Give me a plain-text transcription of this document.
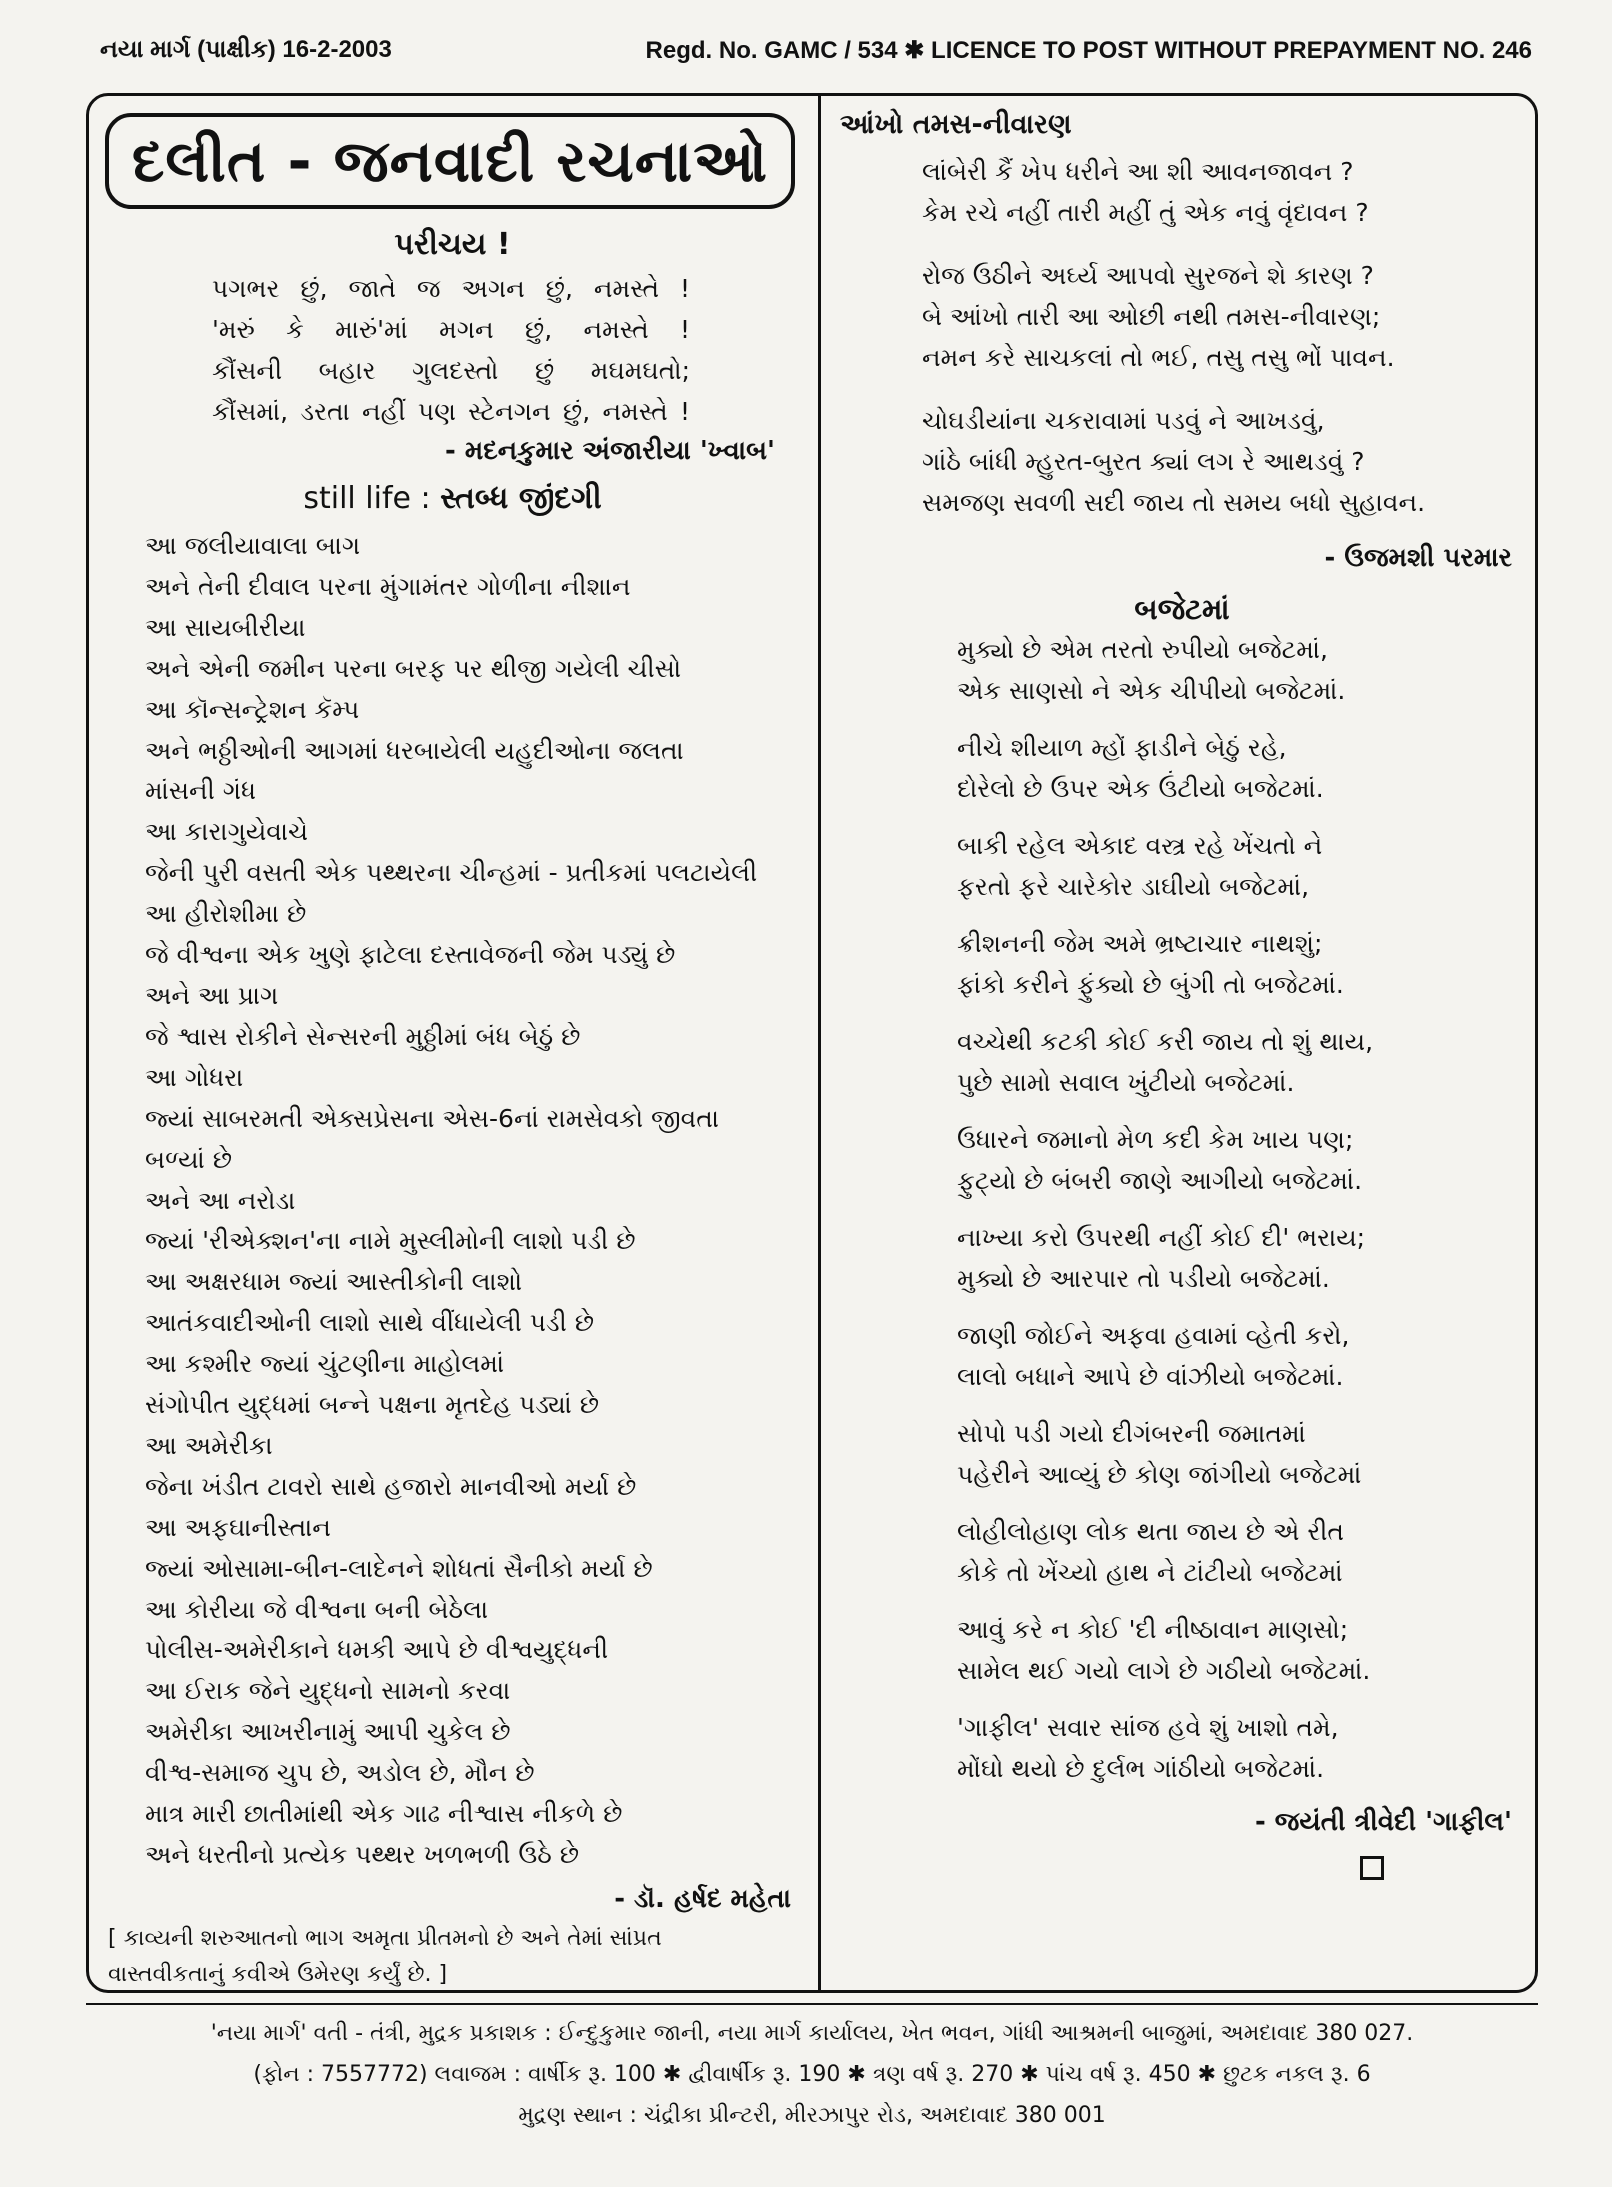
નયા માર્ગ (પાક્ષીક) 16-2-2003	Regd. No. GAMC / 534 ✱ LICENCE TO POST WITHOUT PREPAYMENT NO. 246
દલીત - જનવાદી રચનાઓ
પરીચય !
પગભર છું, જાતે જ અગન છું, નમસ્તે !
'મરું કે મારું'માં મગન છું, નમસ્તે !
કૌંસની બહાર ગુલદસ્તો છું મઘમઘતો;
કૌંસમાં, ડરતા નહીં પણ સ્ટેનગન છું, નમસ્તે !
- મદનકુમાર અંજારીયા 'ખ્વાબ'
still life : સ્તબ્ધ જીંદગી
આ જલીયાવાલા બાગ
અને તેની દીવાલ પરના મુંગામંતર ગોળીના નીશાન
આ સાયબીરીયા
અને એની જમીન પરના બરફ પર થીજી ગયેલી ચીસો
આ કૉન્સન્ટ્રેશન કૅમ્પ
અને ભઠ્ઠીઓની આગમાં ધરબાયેલી યહુદીઓના જલતા
માંસની ગંધ
આ કારાગુયેવાચે
જેની પુરી વસતી એક પથ્થરના ચીન્હમાં - પ્રતીકમાં પલટાયેલી
આ હીરોશીમા છે
જે વીશ્વના એક ખુણે ફાટેલા દસ્તાવેજની જેમ પડ્યું છે
અને આ પ્રાગ
જે શ્વાસ રોકીને સેન્સરની મુઠ્ઠીમાં બંધ બેઠું છે
આ ગોધરા
જ્યાં સાબરમતી એક્સપ્રેસના એસ-6નાં રામસેવકો જીવતા
બળ્યાં છે
અને આ નરોડા
જ્યાં 'રીએક્શન'ના નામે મુસ્લીમોની લાશો પડી છે
આ અક્ષરધામ જ્યાં આસ્તીકોની લાશો
આતંકવાદીઓની લાશો સાથે વીંધાયેલી પડી છે
આ કશ્મીર જ્યાં ચુંટણીના માહોલમાં
સંગોપીત યુદ્ધમાં બન્ને પક્ષના મૃતદેહ પડ્યાં છે
આ અમેરીકા
જેના ખંડીત ટાવરો સાથે હજારો માનવીઓ મર્યા છે
આ અફઘાનીસ્તાન
જ્યાં ઓસામા-બીન-લાદેનને શોધતાં સૈનીકો મર્યા છે
આ કોરીયા જે વીશ્વના બની બેઠેલા
પોલીસ-અમેરીકાને ધમકી આપે છે વીશ્વયુદ્ધની
આ ઈરાક જેને યુદ્ધનો સામનો કરવા
અમેરીકા આખરીનામું આપી ચુકેલ છે
વીશ્વ-સમાજ ચુપ છે, અડોલ છે, મૌન છે
માત્ર મારી છાતીમાંથી એક ગાઢ નીશ્વાસ નીકળે છે
અને ધરતીનો પ્રત્યેક પથ્થર ખળભળી ઉઠે છે
- ડૉ. હર્ષદ મહેતા
[ કાવ્યની શરુઆતનો ભાગ અમૃતા પ્રીતમનો છે અને તેમાં સાંપ્રત
વાસ્તવીકતાનું કવીએ ઉમેરણ કર્યું છે. ]
આંખો તમસ-નીવારણ
લાંબેરી કૈં ખેપ ધરીને આ શી આવનજાવન ?
કેમ રચે નહીં તારી મહીં તું એક નવું વૃંદાવન ?
રોજ ઉઠીને અર્ઘ્ય આપવો સુરજને શે કારણ ?
બે આંખો તારી આ ઓછી નથી તમસ-નીવારણ;
નમન કરે સાચકલાં તો ભઈ, તસુ તસુ ભોં પાવન.
ચોઘડીયાંના ચકરાવામાં પડવું ને આખડવું,
ગાંઠે બાંધી મ્હુરત-બુરત ક્યાં લગ રે આથડવું ?
સમજણ સવળી સદી જાય તો સમય બધો સુહાવન.
- ઉજમશી પરમાર
બજેટમાં
મુક્યો છે એમ તરતો રુપીયો બજેટમાં,
એક સાણસો ને એક ચીપીયો બજેટમાં.
નીચે શીયાળ મ્હોં ફાડીને બેઠું રહે,
દોરેલો છે ઉપર એક ઉંટીયો બજેટમાં.
બાકી રહેલ એકાદ વસ્ત્ર રહે ખેંચતો ને
ફરતો ફરે ચારેકોર ડાઘીયો બજેટમાં,
ક્રીશનની જેમ અમે ભ્રષ્ટાચાર નાથશું;
ફાંકો કરીને ફુંક્યો છે બુંગી તો બજેટમાં.
વચ્ચેથી કટકી કોઈ કરી જાય તો શું થાય,
પુછે સામો સવાલ ખુંટીયો બજેટમાં.
ઉધારને જમાનો મેળ કદી કેમ ખાય પણ;
ફુટ્યો છે બંબરી જાણે આગીયો બજેટમાં.
નાખ્યા કરો ઉપરથી નહીં કોઈ દી' ભરાય;
મુક્યો છે આરપાર તો પડીયો બજેટમાં.
જાણી જોઈને અફવા હવામાં વ્હેતી કરો,
લાલો બધાને આપે છે વાંઝીયો બજેટમાં.
સોપો પડી ગયો દીગંબરની જમાતમાં
પહેરીને આવ્યું છે કોણ જાંગીયો બજેટમાં
લોહીલોહાણ લોક થતા જાય છે એ રીત
કોકે તો ખેંચ્યો હાથ ને ટાંટીયો બજેટમાં
આવું કરે ન કોઈ 'દી નીષ્ઠાવાન માણસો;
સામેલ થઈ ગયો લાગે છે ગઠીયો બજેટમાં.
'ગાફીલ' સવાર સાંજ હવે શું ખાશો તમે,
મોંઘો થયો છે દુર્લભ ગાંઠીયો બજેટમાં.
- જયંતી ત્રીવેદી 'ગાફીલ'
'નયા માર્ગ' વતી - તંત્રી, મુદ્રક પ્રકાશક : ઈન્દુકુમાર જાની, નયા માર્ગ કાર્યાલય, ખેત ભવન, ગાંધી આશ્રમની બાજુમાં, અમદાવાદ 380 027.
(ફોન : 7557772) લવાજમ : વાર્ષીક રૂ. 100 ✱ દ્વીવાર્ષીક રૂ. 190 ✱ ત્રણ વર્ષ રૂ. 270 ✱ પાંચ વર્ષ રૂ. 450 ✱ છુટક નકલ રૂ. 6
મુદ્રણ સ્થાન : ચંદ્રીકા પ્રીન્ટરી, મીરઝાપુર રોડ, અમદાવાદ 380 001
